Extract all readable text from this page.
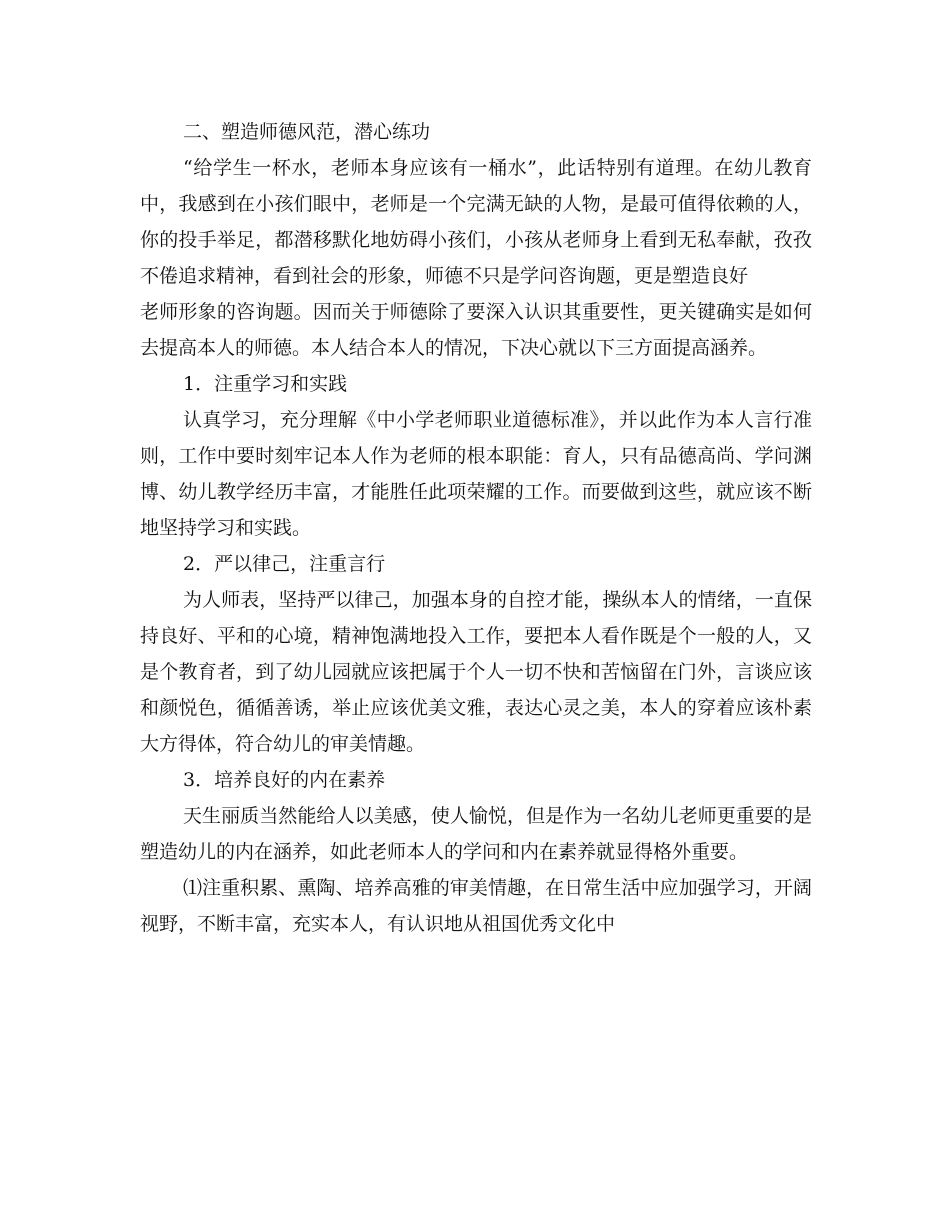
二、塑造师德风范，潜心练功

“给学生一杯水，老师本身应该有一桶水”，此话特别有道理。在幼儿教育中，我感到在小孩们眼中，老师是一个完满无缺的人物，是最可值得依赖的人，你的投手举足，都潜移默化地妨碍小孩们，小孩从老师身上看到无私奉献，孜孜不倦追求精神，看到社会的形象，师德不只是学问咨询题，更是塑造良好

老师形象的咨询题。因而关于师德除了要深入认识其重要性，更关键确实是如何去提高本人的师德。本人结合本人的情况，下决心就以下三方面提高涵养。

1．注重学习和实践

认真学习，充分理解《中小学老师职业道德标准》，并以此作为本人言行准则，工作中要时刻牢记本人作为老师的根本职能：育人，只有品德高尚、学问渊博、幼儿教学经历丰富，才能胜任此项荣耀的工作。而要做到这些，就应该不断地坚持学习和实践。

2．严以律己，注重言行

为人师表，坚持严以律己，加强本身的自控才能，操纵本人的情绪，一直保持良好、平和的心境，精神饱满地投入工作，要把本人看作既是个一般的人，又是个教育者，到了幼儿园就应该把属于个人一切不快和苦恼留在门外，言谈应该和颜悦色，循循善诱，举止应该优美文雅，表达心灵之美，本人的穿着应该朴素大方得体，符合幼儿的审美情趣。

3．培养良好的内在素养

天生丽质当然能给人以美感，使人愉悦，但是作为一名幼儿老师更重要的是塑造幼儿的内在涵养，如此老师本人的学问和内在素养就显得格外重要。

⑴注重积累、熏陶、培养高雅的审美情趣，在日常生活中应加强学习，开阔视野，不断丰富，充实本人，有认识地从祖国优秀文化中
